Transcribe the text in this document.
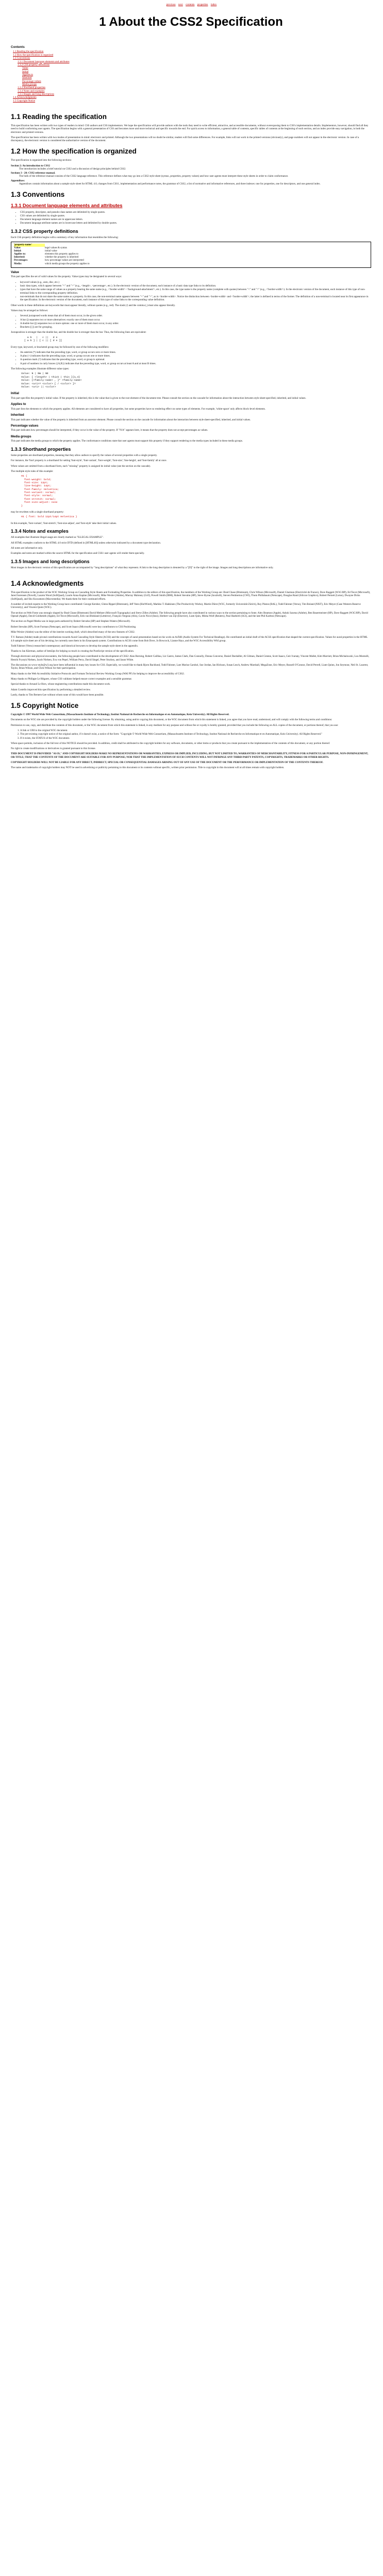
previous next contents properties index
1 About the CSS2 Specification
Contents
1.1 Reading the specification
1.2 How the specification is organized
1.3 Conventions
1.3.1 Document language elements and attributes
1.3.2 CSS property definitions
Value
Initial
Applies to
Inherited
Percentage values
Media groups
1.3.3 Shorthand properties
1.3.4 Notes and examples
1.3.5 Images and long descriptions
1.4 Acknowledgments
1.5 Copyright Notice
1.1 Reading the specification

This specification has been written with two types of readers in mind: CSS authors and CSS implementors. We hope the specification will provide authors with the tools they need to write efficient, attractive, and accessible documents, without overexposing them to CSS's implementation details. Implementors, however, should find all they need to build conforming user agents. The specification begins with a general presentation of CSS and becomes more and more technical and specific towards the end. For quick access to information, a general table of contents, specific tables of contents at the beginning of each section, and an index provide easy navigation, in both the electronic and printed versions.

The specification has been written with two modes of presentation in mind: electronic and printed. Although the two presentations will no doubt be similar, readers will find some differences. For example, links will not work in the printed versions (obviously), and page numbers will not appear in the electronic version. In case of a discrepancy, the electronic version is considered the authoritative version of the document.

1.2 How the specification is organized

The specification is organized into the following sections:

Section 2: An introduction to CSS2
The introduction includes a brief tutorial on CSS2 and a discussion of design principles behind CSS2.
Sections 3 - 20: CSS2 reference manual.
The bulk of the reference manual consists of the CSS2 language reference. This reference defines what may go into a CSS2 style sheet (syntax, properties, property values) and how user agents must interpret these style sheets in order to claim conformance.
Appendixes:
Appendixes contain information about a sample style sheet for HTML 4.0, changes from CSS1, implementation and performance notes, the grammar of CSS2, a list of normative and informative references, and three indexes: one for properties, one for descriptors, and one general index.
1.3 Conventions
1.3.1 Document language elements and attributes
• CSS property, descriptor, and pseudo-class names are delimited by single quotes.
• CSS values are delimited by single quotes.
• Document language element names are in uppercase letters.
• Document language attribute names are in lowercase letters and delimited by double quotes.
1.3.2 CSS property definitions

Each CSS property definition begins with a summary of key information that resembles the following:

'property-name'
Value:	legal values & syntax
Initial:	initial value
Applies to:	elements this property applies to
Inherited:	whether the property is inherited
Percentages:	how percentage values are interpreted
Media:	which media groups the property applies to
Value

This part specifies the set of valid values for the property. Value types may be designated in several ways:

• keyword values (e.g., auto, disc, etc.)
• basic data types, which appear between "<" and ">" (e.g., <length>, <percentage>, etc.). In the electronic version of the document, each instance of a basic data type links to its definition.
• types that have the same range of values as a property bearing the same name (e.g., <'border-width'> <'background-attachment'>, etc.). In this case, the type name is the property name (complete with quotes) between "<" and ">" (e.g., <'border-width'>). In the electronic version of the document, each instance of this type of non-terminal links to the corresponding property definition.
• non-terminals that do not share the same name as a property. In this case, the non-terminal name appears between "<" and ">", as in <border-width>. Notice the distinction between <border-width> and <'border-width'>; the latter is defined in terms of the former. The definition of a non-terminal is located near its first appearance in the specification. In the electronic version of the document, each instance of this type of value links to the corresponding value definition.

Other words in these definitions are keywords that must appear literally, without quotes (e.g., red). The slash (/) and the comma (,) must also appear literally.

Values may be arranged as follows:

• Several juxtaposed words mean that all of them must occur, in the given order.
• A bar (|) separates two or more alternatives: exactly one of them must occur.
• A double bar (||) separates two or more options: one or more of them must occur, in any order.
• Brackets ([ ]) are for grouping.

Juxtaposition is stronger than the double bar, and the double bar is stronger than the bar. Thus, the following lines are equivalent:

a b   |   c ||   d e
[ a b ] | [ c || [ d e ]]

Every type, keyword, or bracketed group may be followed by one of the following modifiers:

• An asterisk (*) indicates that the preceding type, word, or group occurs zero or more times.
• A plus (+) indicates that the preceding type, word, or group occurs one or more times.
• A question mark (?) indicates that the preceding type, word, or group is optional.
• A pair of numbers in curly braces ({A,B}) indicates that the preceding type, word, or group occurs at least A and at most B times.

The following examples illustrate different value types:

Value: N | NW | NE
Value: [ <length> | thick | thin ]{1,4}
Value: [<family-name> , ]* <family-name>
Value: <uri>? <color> [ / <color> ]?
Value: <uri> || <color>
Initial

This part specifies the property's initial value. If the property is inherited, this is the value that is given to the root element of the document tree. Please consult the section on the cascade for information about the interaction between style sheet-specified, inherited, and initial values.

Applies to

This part lists the elements to which the property applies. All elements are considered to have all properties, but some properties have no rendering effect on some types of elements. For example, 'white-space' only affects block-level elements.

Inherited

This part indicates whether the value of the property is inherited from an ancestor element. Please consult the section on the cascade for information about the interaction between style sheet-specified, inherited, and initial values.

Percentage values

This part indicates how percentages should be interpreted, if they occur in the value of the property. If "N/A" appears here, it means that the property does not accept percentages as values.

Media groups

This part indicates the media groups to which the property applies. The conformance conditions state that user agents must support this property if they support rendering to the media types included in these media groups.

1.3.3 Shorthand properties

Some properties are shorthand properties, meaning that they allow authors to specify the values of several properties with a single property.

For instance, the 'font' property is a shorthand for setting 'font-style', 'font-variant', 'font-weight', 'font-size', 'line-height', and 'font-family' all at once.

When values are omitted from a shorthand form, each "missing" property is assigned its initial value (see the section on the cascade).

The multiple style rules of this example:

H1 {
font-weight: bold;
font-size: 12pt;
line-height: 14pt;
font-family: Helvetica;
font-variant: normal;
font-style: normal;
font-stretch: normal;
font-size-adjust: none
}

may be rewritten with a single shorthand property:

H1 { font: bold 12pt/14pt Helvetica }

In this example, 'font-variant', 'font-stretch', 'font-size-adjust', and 'font-style' take their initial values.

1.3.4 Notes and examples

All examples that illustrate illegal usage are clearly marked as "ILLEGAL EXAMPLE".

All HTML examples conform to the HTML 4.0 strict DTD (defined in [HTML40]) unless otherwise indicated by a document type declaration.

All notes are informative only.

Examples and notes are marked within the source HTML for the specification and CSS1 user agents will render them specially.

1.3.5 Images and long descriptions

Most images in the electronic version of this specification are accompanied by "long descriptions" of what they represent. A link to the long description is denoted by a "[D]" to the right of the image. Images and long descriptions are informative only.

1.4 Acknowledgments

This specification is the product of the W3C Working Group on Cascading Style Sheets and Formatting Properties. In addition to the editors of this specification, the members of the Working Group are: Brad Chase (Bitstream), Chris Wilson (Microsoft), Daniel Glazman (Electricité de France), Dave Raggett (W3C/HP), Ed Tecot (Microsoft), Jared Sorensen (Novell), Lauren Wood (SoftQuad), Laurie Anna Kaplan (Microsoft), Mike Wexler (Adobe), Murray Maloney (Grif), Powell Smith (IBM), Robert Stevahn (HP), Steve Byrne (JavaSoft), Steven Pemberton (CWI), Thom Phillabaum (Netscape), Douglas Rand (Silicon Graphics), Robert Pernett (Lotus), Dwayne Dicks (SoftQuad), and Sho Kuwamoto (Macromedia). We thank them for their continued efforts.

A number of invited experts to the Working Group have contributed: George Kersher, Glenn Rippel (Bitstream), Jeff Veen (HotWired), Markku T. Hakkinen (The Productivity Works), Martin Dürst (W3C, formerly Universität Zürich), Roy Platon (RAL), Todd Fahrner (Verso), Tim Boland (NIST), Eric Meyer (Case Western Reserve University), and Vincent Quint (W3C).

The section on Web Fonts was strongly shaped by Brad Chase (Bitstream) David Meltzer (Microsoft Typography) and Steve Zilles (Adobe). The following people have also contributed in various ways to the section pertaining to fonts: Alex Beamon (Apple), Ashok Saxena (Adobe), Ben Bauermeister (HP), Dave Raggett (W3C/HP), David Opstad (Apple), David Goldsmith (Apple), Ed Tecot (Microsoft), Erik van Blokland (Letterror), François Yergeau (Alis), Gavin Nicol (Inso), Herbert van Zijl (Elsevier), Liam Quin, Misha Wolf (Reuters), Paul Haeberli (SGI), and the late Phil Karlton (Netscape).

The section on Paged Media was in large parts authored by Robert Stevahn (HP) and Stephen Waters (Microsoft).

Robert Stevahn (HP), Scott Furman (Netscape), and Scott Isaacs (Microsoft) were key contributors to CSS Positioning.

Mike Wexler (Adobe) was the editor of the interim working draft, which described many of the new features of CSS2.

T.V. Raman (Adobe) made pivotal contributions towards Aural Cascading Style Sheets (ACSS) and the concepts of aural presentation based on his work on AsTeR (Audio System For Technical Readings). He contributed an initial draft of the ACSS specification that shaped the current specification. Values for aural properties in the HTML 4.0 sample style sheet are of his devising; he currently uses them in his Emacspeak system. Contributions to ACSS come from Bob Dove, Jo Bowcock, Lianne Hays, and the W3C Accessibility WAI group.

Todd Fahrner (Verso) researched contemporary and historical browsers to develop the sample style sheet in the appendix.

Thanks to Jan Kärrman, author of html2ps for helping so much in creating the PostScript version of the specification.

Through electronic and physical encounters, the following people have contributed to the development of CSS2: Alan Borning, Robert Cailliau, Liz Castro, James Clark, Dan Connolly, Donna Converse, Daniel Dardailler, Al Gilman, Daniel Greene, Scott Isaacs, Geir Ivarsøy, Vincent Mallet, Kim Marriott, Brian Michalowski, Lou Montulli, Henrik Frystyk Nielsen, Jacob Nielsen, Eva von Pepel, William Perry, David Siegel, Peter Stuckey, and Jason White.

The discussions on www-style@w3.org have been influential in many key issues for CSS. Especially, we would like to thank Bjorn Backlund, Todd Fahrner, Lars Marius Garshol, Sue Jordan, Ian Hickson, Susan Lesch, Andrew Marshall, MegaZone, Eric Meyer, Russell O'Connor, David Perrell, Liam Quinn, Jon Seymour, Neil St. Laurent, Taylor, Brian Wilson, and Chris Wilson for their participation.

Many thanks to the Web Accessibility Initiative Protocols and Formats Technical Review Working Group (WAI PF) for helping to improve the accessibility of CSS2.

Many thanks to Philippe Le Hégaret, whose CSS validator helped ensure correct examples and a sensible grammar.

Special thanks to Arnaud Le Hors, whose engineering contributions made this document work.

Adam Costello improved this specification by performing a detailed review.

Lastly, thanks to Tim Berners-Lee without whom none of this would have been possible.

1.5 Copyright Notice

Copyright © 1997 World Wide Web Consortium, (Massachusetts Institute of Technology, Institut National de Recherche en Informatique et en Automatique, Keio University). All Rights Reserved.

Documents on the W3C site are provided by the copyright holders under the following license. By obtaining, using and/or copying this document, or the W3C document from which this statement is linked, you agree that you have read, understood, and will comply with the following terms and conditions:

Permission to use, copy, and distribute the contents of this document, or the W3C document from which this statement is linked, in any medium for any purpose and without fee or royalty is hereby granted, provided that you include the following on ALL copies of the document, or portions thereof, that you use:

1. A link or URI to the original W3C document.
2. The pre-existing copyright notice of the original author, if it doesn't exist, a notice of the form: "Copyright © World Wide Web Consortium, (Massachusetts Institute of Technology, Institut National de Recherche en Informatique et en Automatique, Keio University). All Rights Reserved."
3. If it exists, the STATUS of the W3C document.

When space permits, inclusion of the full text of this NOTICE should be provided. In addition, credit shall be attributed to the copyright holders for any software, documents, or other items or products that you create pursuant to the implementation of the contents of this document, or any portion thereof.

No right to create modifications or derivatives is granted pursuant to this license.

THIS DOCUMENT IS PROVIDED "AS IS," AND COPYRIGHT HOLDERS MAKE NO REPRESENTATIONS OR WARRANTIES, EXPRESS OR IMPLIED, INCLUDING, BUT NOT LIMITED TO, WARRANTIES OF MERCHANTABILITY, FITNESS FOR A PARTICULAR PURPOSE, NON-INFRINGEMENT, OR TITLE; THAT THE CONTENTS OF THE DOCUMENT ARE SUITABLE FOR ANY PURPOSE; NOR THAT THE IMPLEMENTATION OF SUCH CONTENTS WILL NOT INFRINGE ANY THIRD PARTY PATENTS, COPYRIGHTS, TRADEMARKS OR OTHER RIGHTS.

COPYRIGHT HOLDERS WILL NOT BE LIABLE FOR ANY DIRECT, INDIRECT, SPECIAL OR CONSEQUENTIAL DAMAGES ARISING OUT OF ANY USE OF THE DOCUMENT OR THE PERFORMANCE OR IMPLEMENTATION OF THE CONTENTS THEREOF.

The name and trademarks of copyright holders may NOT be used in advertising or publicity pertaining to this document or its contents without specific, written prior permission. Title to copyright in this document will at all times remain with copyright holders.
